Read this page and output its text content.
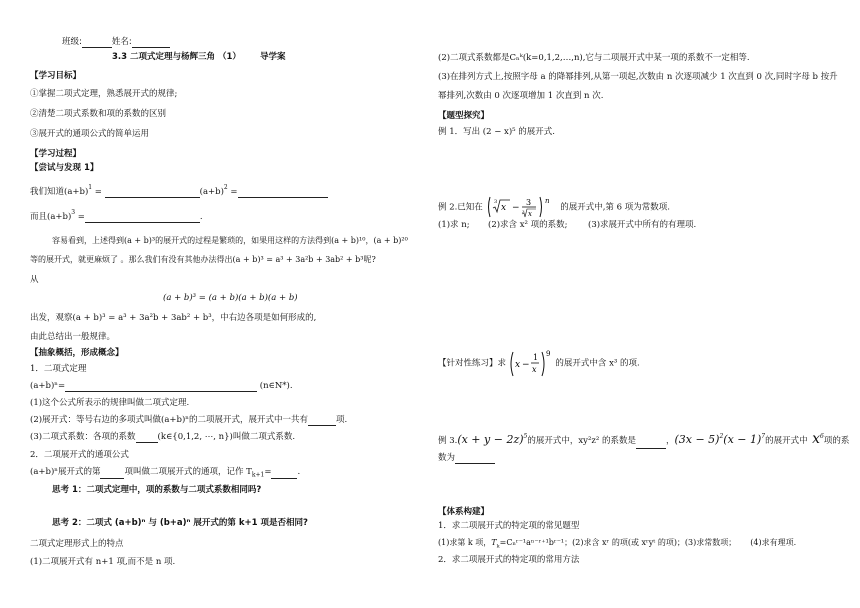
班级:	姓名:
3.3 二项式定理与杨辉三角 （1） 导学案
【学习目标】
①掌握二项式定理，熟悉展开式的规律;
②清楚二项式系数和项的系数的区别
③展开式的通项公式的简单运用
【学习过程】
【尝试与发现 1】
我们知道$(a+b)^1$ =	$(a+b)^2$ =
而且$(a+b)^3$ =	.
容易看到，上述得到(a + b)³的展开式的过程是繁琐的，如果用这样的方法得到(a + b)¹⁰，(a + b)²⁰
等的展开式，就更麻烦了 。那么我们有没有其他办法得出(a + b)³ = a³ + 3a²b + 3ab² + b³呢?
从
(a + b)³ = (a + b)(a + b)(a + b)
出发，观察(a + b)³ = a³ + 3a²b + 3ab² + b³，中右边各项是如何形成的,
由此总结出一般规律。
【抽象概括，形成概念】
1．二项式定理
(a+b)ⁿ=	(n∈N*).
(1)这个公式所表示的规律叫做二项式定理.
(2)展开式：等号右边的多项式叫做(a+b)ⁿ的二项展开式，展开式中一共有	项.
(3)二项式系数：各项的系数	(k∈{0,1,2, ⋯, n})叫做二项式系数.
2．二项展开式的通项公式
(a+b)ⁿ展开式的第	项叫做二项展开式的通项，记作 $T_{k+1}=$	.
思考 1：二项式定理中，项的系数与二项式系数相同吗?
思考 2：二项式 (a+b)ⁿ 与 (b+a)ⁿ 展开式的第 k+1 项是否相同?
二项式定理形式上的特点
(1)二项展开式有 n+1 项,而不是 n 项.
(2)二项式系数都是Cₙᵏ(k=0,1,2,…,n),它与二项展开式中某一项的系数不一定相等.
(3)在排列方式上,按照字母 a 的降幂排列,从第一项起,次数由 n 次逐项减少 1 次直到 0 次,同时字母 b 按升
幂排列,次数由 0 次逐项增加 1 次直到 n 次.
【题型探究】
例 1．写出 (2 − x)⁵ 的展开式.
例 2.已知在
3
x −
3
3 x
n
的展开式中,第 6 项为常数项.
(1)求 n; (2)求含 x² 项的系数; (3)求展开式中所有的有理项.
【针对性练习】求 x −
1
x
9
的展开式中含 x³ 的项.
例 $3.(x + y - 2z)^5$的展开式中，xy²z² 的系数是	，$(3x - 5)^2(x - 1)^7$的展开式中 $x^6$项的系
数为
【体系构建】
1．求二项展开式的特定项的常见题型
(1)求第 k 项，$T_k=C_nʳ^{-1}a^{n-}ʳ^{+1}bʳ^{-1}$；(2)求含 xʳ 的项(或 xʳyᵗ 的项)；(3)求常数项； (4)求有理项.
2．求二项展开式的特定项的常用方法
